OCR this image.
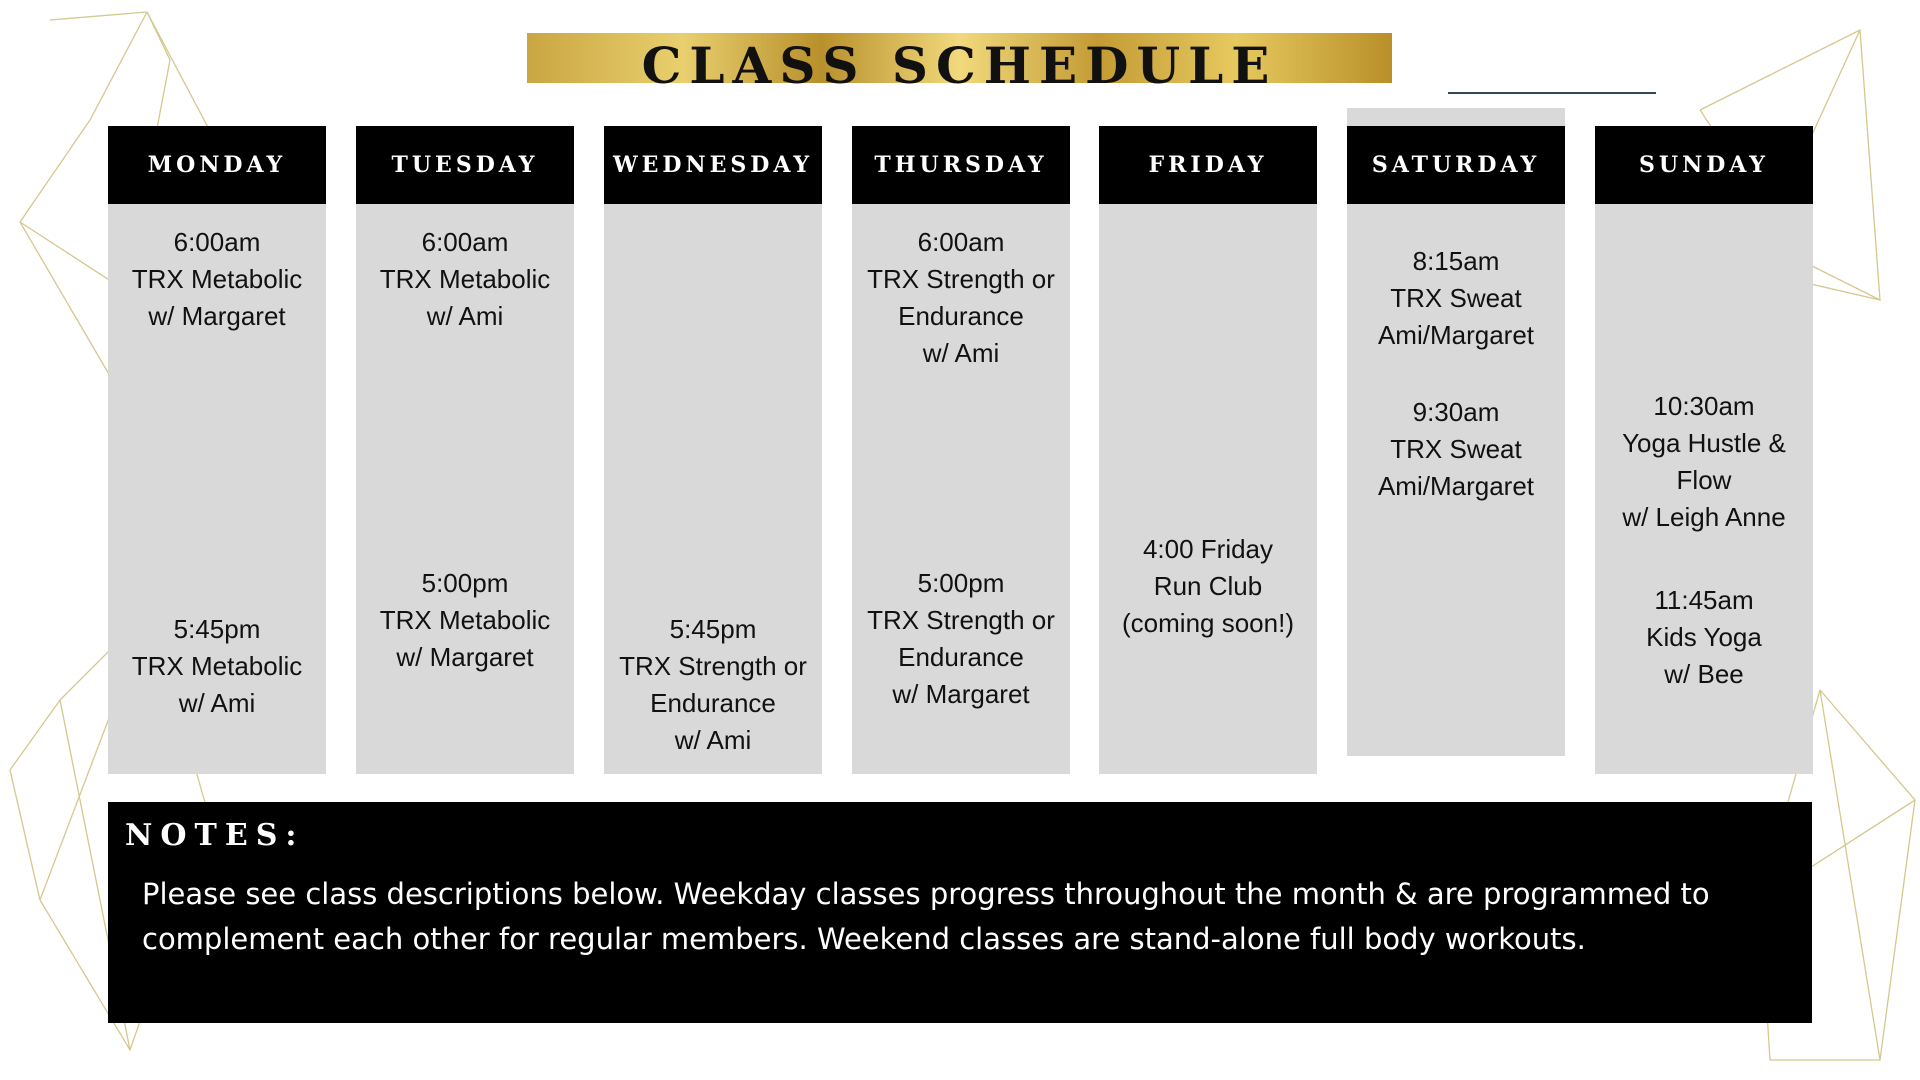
CLASS SCHEDULE
MONDAY
6:00am
TRX Metabolic
w/ Margaret
5:45pm
TRX Metabolic
w/ Ami
TUESDAY
6:00am
TRX Metabolic
w/ Ami
5:00pm
TRX Metabolic
w/ Margaret
WEDNESDAY
5:45pm
TRX Strength or
Endurance
w/ Ami
THURSDAY
6:00am
TRX Strength or
Endurance
w/ Ami
5:00pm
TRX Strength or
Endurance
w/ Margaret
FRIDAY
4:00 Friday
Run Club
(coming soon!)
SATURDAY
8:15am
TRX Sweat
Ami/Margaret
9:30am
TRX Sweat
Ami/Margaret
SUNDAY
10:30am
Yoga Hustle &
Flow
w/ Leigh Anne
11:45am
Kids Yoga
w/ Bee
NOTES:
Please see class descriptions below. Weekday classes progress throughout the month & are programmed to complement each other for regular members. Weekend classes are stand-alone full body workouts.
